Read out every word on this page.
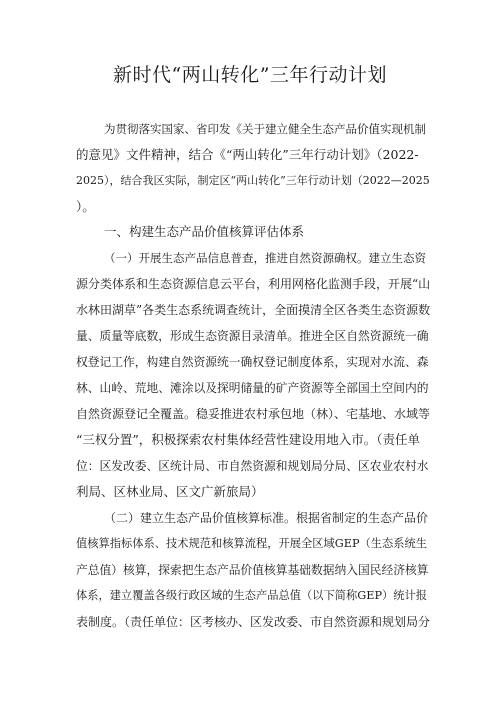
新时代“两山转化”三年行动计划
为贯彻落实国家、省印发《关于建立健全生态产品价值实现机制
的意见》文件精神，结合《“两山转化”三年行动计划》（2022-
2025），结合我区实际，制定区“两山转化”三年行动计划（2022—2025
）。
一、构建生态产品价值核算评估体系
（一）开展生态产品信息普查，推进自然资源确权。建立生态资
源分类体系和生态资源信息云平台，利用网格化监测手段，开展“山
水林田湖草”各类生态系统调查统计，全面摸清全区各类生态资源数
量、质量等底数，形成生态资源目录清单。推进全区自然资源统一确
权登记工作，构建自然资源统一确权登记制度体系，实现对水流、森
林、山岭、荒地、滩涂以及探明储量的矿产资源等全部国土空间内的
自然资源登记全覆盖。稳妥推进农村承包地（林）、宅基地、水域等
“三权分置”，积极探索农村集体经营性建设用地入市。（责任单
位：区发改委、区统计局、市自然资源和规划局分局、区农业农村水
利局、区林业局、区文广新旅局）
（二）建立生态产品价值核算标准。根据省制定的生态产品价
值核算指标体系、技术规范和核算流程，开展全区域GEP（生态系统生
产总值）核算，探索把生态产品价值核算基础数据纳入国民经济核算
体系，建立覆盖各级行政区域的生态产品总值（以下简称GEP）统计报
表制度。（责任单位：区考核办、区发改委、市自然资源和规划局分
